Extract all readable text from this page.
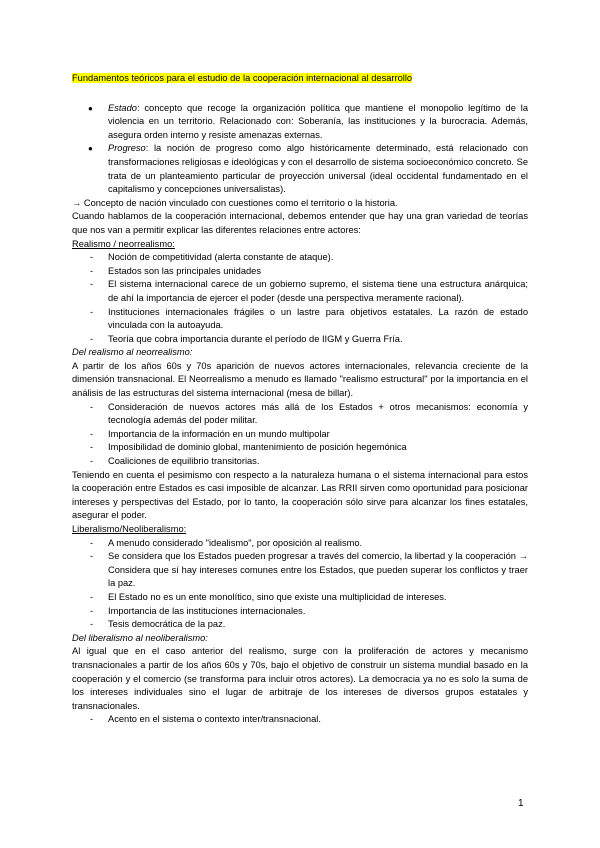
Fundamentos teóricos para el estudio de la cooperación internacional al desarrollo

● Estado: concepto que recoge la organización política que mantiene el monopolio legítimo de la violencia en un territorio. Relacionado con: Soberanía, las instituciones y la burocracia. Además, asegura orden interno y resiste amenazas externas.
● Progreso: la noción de progreso como algo históricamente determinado, está relacionado con transformaciones religiosas e ideológicas y con el desarrollo de sistema socioeconómico concreto. Se trata de un planteamiento particular de proyección universal (ideal occidental fundamentado en el capitalismo y concepciones universalistas).

→ Concepto de nación vinculado con cuestiones como el territorio o la historia.

Cuando hablamos de la cooperación internacional, debemos entender que hay una gran variedad de teorías que nos van a permitir explicar las diferentes relaciones entre actores:

Realismo / neorrealismo:

- Noción de competitividad (alerta constante de ataque).
- Estados son las principales unidades
- El sistema internacional carece de un gobierno supremo, el sistema tiene una estructura anárquica; de ahí la importancia de ejercer el poder (desde una perspectiva meramente racional).
- Instituciones internacionales frágiles o un lastre para objetivos estatales. La razón de estado vinculada con la autoayuda.
- Teoría que cobra importancia durante el período de IIGM y Guerra Fría.

Del realismo al neorrealismo:

A partir de los años 60s y 70s aparición de nuevos actores internacionales, relevancia creciente de la dimensión transnacional. El Neorrealismo a menudo es llamado "realismo estructural" por la importancia en el análisis de las estructuras del sistema internacional (mesa de billar).

- Consideración de nuevos actores más allá de los Estados + otros mecanismos: economía y tecnología además del poder militar.
- Importancia de la información en un mundo multipolar
- Imposibilidad de dominio global, mantenimiento de posición hegemónica
- Coaliciones de equilibrio transitorias.

Teniendo en cuenta el pesimismo con respecto a la naturaleza humana o el sistema internacional para estos la cooperación entre Estados es casi imposible de alcanzar. Las RRII sirven como oportunidad para posicionar intereses y perspectivas del Estado, por lo tanto, la cooperación sólo sirve para alcanzar los fines estatales, asegurar el poder.

Liberalismo/Neoliberalismo:

- A menudo considerado "idealismo", por oposición al realismo.
- Se considera que los Estados pueden progresar a través del comercio, la libertad y la cooperación → Considera que sí hay intereses comunes entre los Estados, que pueden superar los conflictos y traer la paz.
- El Estado no es un ente monolítico, sino que existe una multiplicidad de intereses.
- Importancia de las instituciones internacionales.
- Tesis democrática de la paz.

Del liberalismo al neoliberalismo:

Al igual que en el caso anterior del realismo, surge con la proliferación de actores y mecanismo transnacionales a partir de los años 60s y 70s, bajo el objetivo de construir un sistema mundial basado en la cooperación y el comercio (se transforma para incluir otros actores). La democracia ya no es solo la suma de los intereses individuales sino el lugar de arbitraje de los intereses de diversos grupos estatales y transnacionales.

- Acento en el sistema o contexto inter/transnacional.
1
